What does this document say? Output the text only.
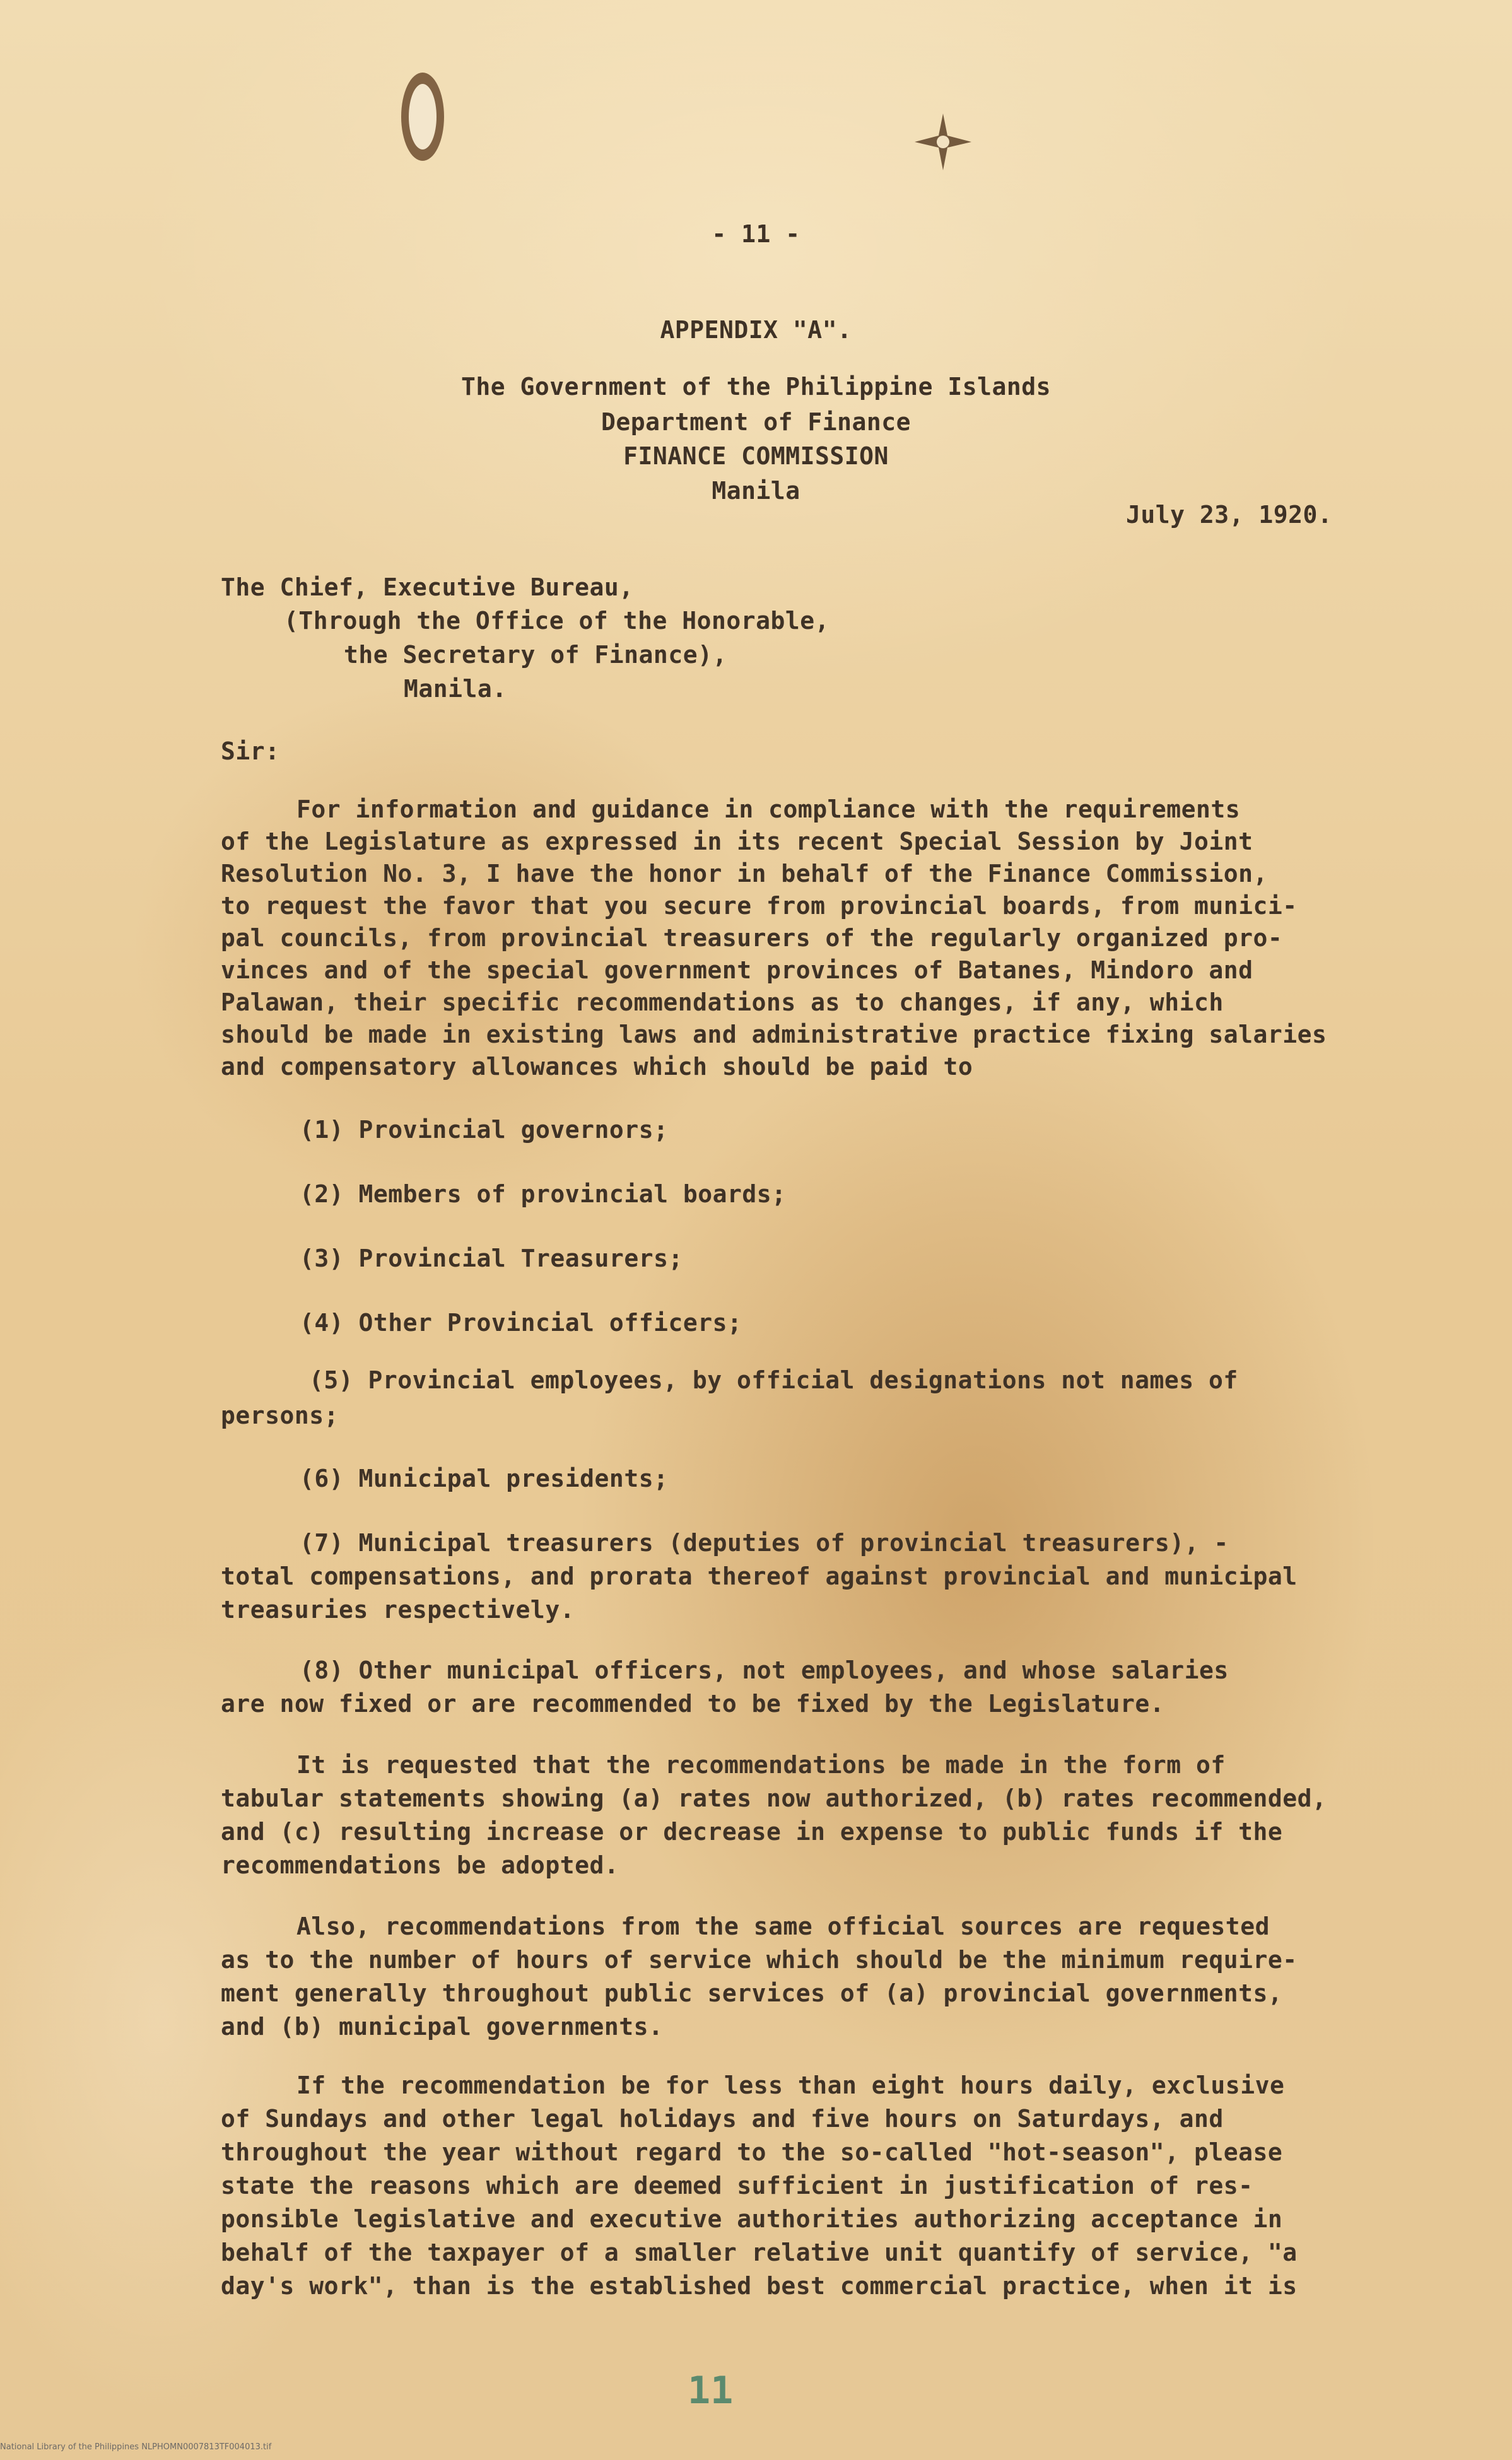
- 11 -

APPENDIX "A".

The Government of the Philippine Islands

Department of Finance

FINANCE COMMISSION

Manila

July 23, 1920.

The Chief, Executive Bureau,

(Through the Office of the Honorable,

the Secretary of Finance),

Manila.

Sir:

For information and guidance in compliance with the requirements

of the Legislature as expressed in its recent Special Session by Joint

Resolution No. 3, I have the honor in behalf of the Finance Commission,

to request the favor that you secure from provincial boards, from munici-

pal councils, from provincial treasurers of the regularly organized pro-

vinces and of the special government provinces of Batanes, Mindoro and

Palawan, their specific recommendations as to changes, if any, which

should be made in existing laws and administrative practice fixing salaries

and compensatory allowances which should be paid to

(1) Provincial governors;

(2) Members of provincial boards;

(3) Provincial Treasurers;

(4) Other Provincial officers;

(5) Provincial employees, by official designations not names of

persons;

(6) Municipal presidents;

(7) Municipal treasurers (deputies of provincial treasurers), -

total compensations, and prorata thereof against provincial and municipal

treasuries respectively.

(8) Other municipal officers, not employees, and whose salaries

are now fixed or are recommended to be fixed by the Legislature.

It is requested that the recommendations be made in the form of

tabular statements showing (a) rates now authorized, (b) rates recommended,

and (c) resulting increase or decrease in expense to public funds if the

recommendations be adopted.

Also, recommendations from the same official sources are requested

as to the number of hours of service which should be the minimum require-

ment generally throughout public services of (a) provincial governments,

and (b) municipal governments.

If the recommendation be for less than eight hours daily, exclusive

of Sundays and other legal holidays and five hours on Saturdays, and

throughout the year without regard to the so-called "hot-season", please

state the reasons which are deemed sufficient in justification of res-

ponsible legislative and executive authorities authorizing acceptance in

behalf of the taxpayer of a smaller relative unit quantify of service, "a

day's work", than is the established best commercial practice, when it is

11
National Library of the Philippines NLPHOMN0007813TF004013.tif
